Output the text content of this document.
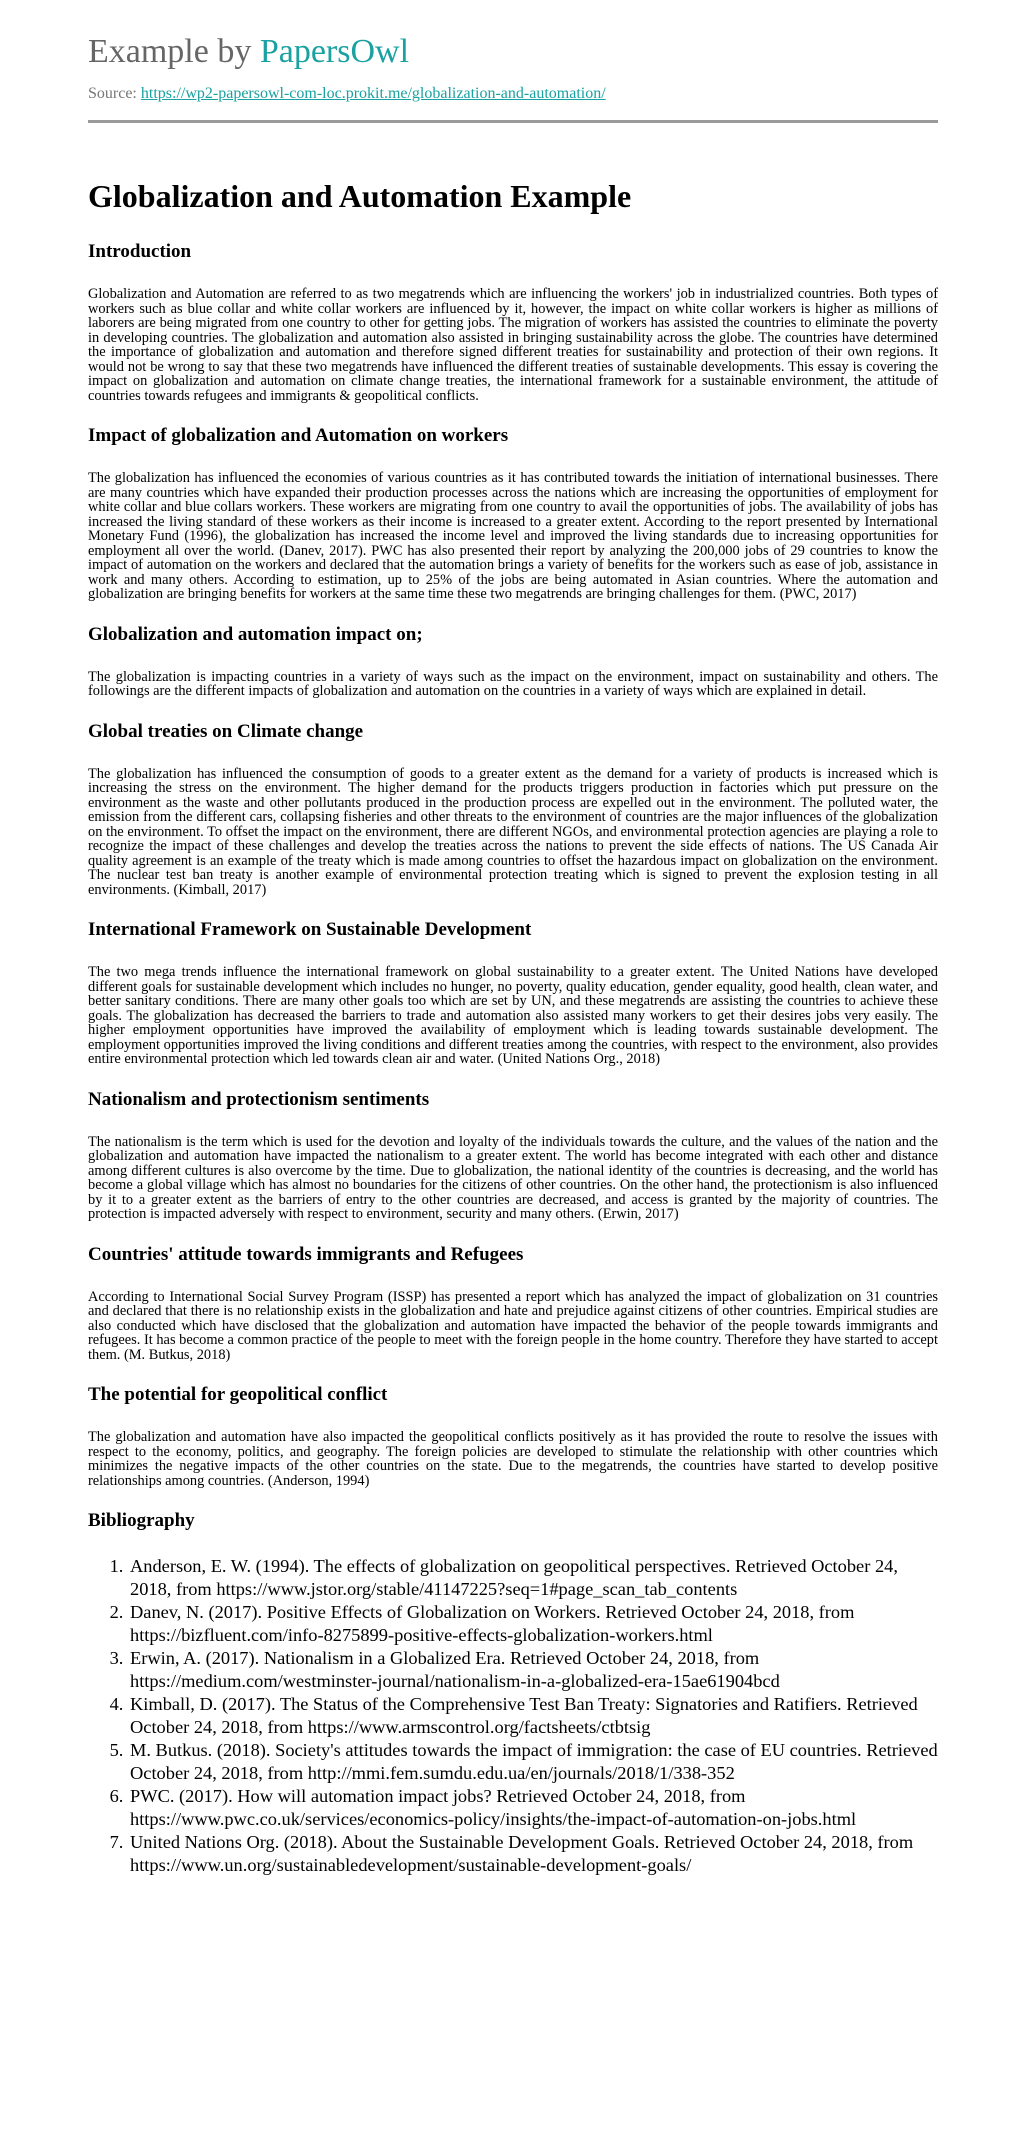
Example by PapersOwl
Source: https://wp2-papersowl-com-loc.prokit.me/globalization-and-automation/
Globalization and Automation Example
Introduction

Globalization and Automation are referred to as two megatrends which are influencing the workers' job in industrialized countries. Both types of workers such as blue collar and white collar workers are influenced by it, however, the impact on white collar workers is higher as millions of laborers are being migrated from one country to other for getting jobs. The migration of workers has assisted the countries to eliminate the poverty in developing countries. The globalization and automation also assisted in bringing sustainability across the globe. The countries have determined the importance of globalization and automation and therefore signed different treaties for sustainability and protection of their own regions. It would not be wrong to say that these two megatrends have influenced the different treaties of sustainable developments. This essay is covering the impact on globalization and automation on climate change treaties, the international framework for a sustainable environment, the attitude of countries towards refugees and immigrants & geopolitical conflicts.

Impact of globalization and Automation on workers

The globalization has influenced the economies of various countries as it has contributed towards the initiation of international businesses. There are many countries which have expanded their production processes across the nations which are increasing the opportunities of employment for white collar and blue collars workers. These workers are migrating from one country to avail the opportunities of jobs. The availability of jobs has increased the living standard of these workers as their income is increased to a greater extent. According to the report presented by International Monetary Fund (1996), the globalization has increased the income level and improved the living standards due to increasing opportunities for employment all over the world. (Danev, 2017). PWC has also presented their report by analyzing the 200,000 jobs of 29 countries to know the impact of automation on the workers and declared that the automation brings a variety of benefits for the workers such as ease of job, assistance in work and many others. According to estimation, up to 25% of the jobs are being automated in Asian countries. Where the automation and globalization are bringing benefits for workers at the same time these two megatrends are bringing challenges for them. (PWC, 2017)

Globalization and automation impact on;

The globalization is impacting countries in a variety of ways such as the impact on the environment, impact on sustainability and others. The followings are the different impacts of globalization and automation on the countries in a variety of ways which are explained in detail.

Global treaties on Climate change

The globalization has influenced the consumption of goods to a greater extent as the demand for a variety of products is increased which is increasing the stress on the environment. The higher demand for the products triggers production in factories which put pressure on the environment as the waste and other pollutants produced in the production process are expelled out in the environment. The polluted water, the emission from the different cars, collapsing fisheries and other threats to the environment of countries are the major influences of the globalization on the environment. To offset the impact on the environment, there are different NGOs, and environmental protection agencies are playing a role to recognize the impact of these challenges and develop the treaties across the nations to prevent the side effects of nations. The US Canada Air quality agreement is an example of the treaty which is made among countries to offset the hazardous impact on globalization on the environment. The nuclear test ban treaty is another example of environmental protection treating which is signed to prevent the explosion testing in all environments. (Kimball, 2017)

International Framework on Sustainable Development

The two mega trends influence the international framework on global sustainability to a greater extent. The United Nations have developed different goals for sustainable development which includes no hunger, no poverty, quality education, gender equality, good health, clean water, and better sanitary conditions. There are many other goals too which are set by UN, and these megatrends are assisting the countries to achieve these goals. The globalization has decreased the barriers to trade and automation also assisted many workers to get their desires jobs very easily. The higher employment opportunities have improved the availability of employment which is leading towards sustainable development. The employment opportunities improved the living conditions and different treaties among the countries, with respect to the environment, also provides entire environmental protection which led towards clean air and water. (United Nations Org., 2018)

Nationalism and protectionism sentiments

The nationalism is the term which is used for the devotion and loyalty of the individuals towards the culture, and the values of the nation and the globalization and automation have impacted the nationalism to a greater extent. The world has become integrated with each other and distance among different cultures is also overcome by the time. Due to globalization, the national identity of the countries is decreasing, and the world has become a global village which has almost no boundaries for the citizens of other countries. On the other hand, the protectionism is also influenced by it to a greater extent as the barriers of entry to the other countries are decreased, and access is granted by the majority of countries. The protection is impacted adversely with respect to environment, security and many others. (Erwin, 2017)

Countries' attitude towards immigrants and Refugees

According to International Social Survey Program (ISSP) has presented a report which has analyzed the impact of globalization on 31 countries and declared that there is no relationship exists in the globalization and hate and prejudice against citizens of other countries. Empirical studies are also conducted which have disclosed that the globalization and automation have impacted the behavior of the people towards immigrants and refugees. It has become a common practice of the people to meet with the foreign people in the home country. Therefore they have started to accept them. (M. Butkus, 2018)

The potential for geopolitical conflict

The globalization and automation have also impacted the geopolitical conflicts positively as it has provided the route to resolve the issues with respect to the economy, politics, and geography. The foreign policies are developed to stimulate the relationship with other countries which minimizes the negative impacts of the other countries on the state. Due to the megatrends, the countries have started to develop positive relationships among countries. (Anderson, 1994)

Bibliography
1. Anderson, E. W. (1994). The effects of globalization on geopolitical perspectives. Retrieved October 24, 2018, from https://www.jstor.org/stable/41147225?seq=1#page_scan_tab_contents
2. Danev, N. (2017). Positive Effects of Globalization on Workers. Retrieved October 24, 2018, from https://bizfluent.com/info-8275899-positive-effects-globalization-workers.html
3. Erwin, A. (2017). Nationalism in a Globalized Era. Retrieved October 24, 2018, from https://medium.com/westminster-journal/nationalism-in-a-globalized-era-15ae61904bcd
4. Kimball, D. (2017). The Status of the Comprehensive Test Ban Treaty: Signatories and Ratifiers. Retrieved October 24, 2018, from https://www.armscontrol.org/factsheets/ctbtsig
5. M. Butkus. (2018). Society's attitudes towards the impact of immigration: the case of EU countries. Retrieved October 24, 2018, from http://mmi.fem.sumdu.edu.ua/en/journals/2018/1/338-352
6. PWC. (2017). How will automation impact jobs? Retrieved October 24, 2018, from https://www.pwc.co.uk/services/economics-policy/insights/the-impact-of-automation-on-jobs.html
7. United Nations Org. (2018). About the Sustainable Development Goals. Retrieved October 24, 2018, from https://www.un.org/sustainabledevelopment/sustainable-development-goals/
